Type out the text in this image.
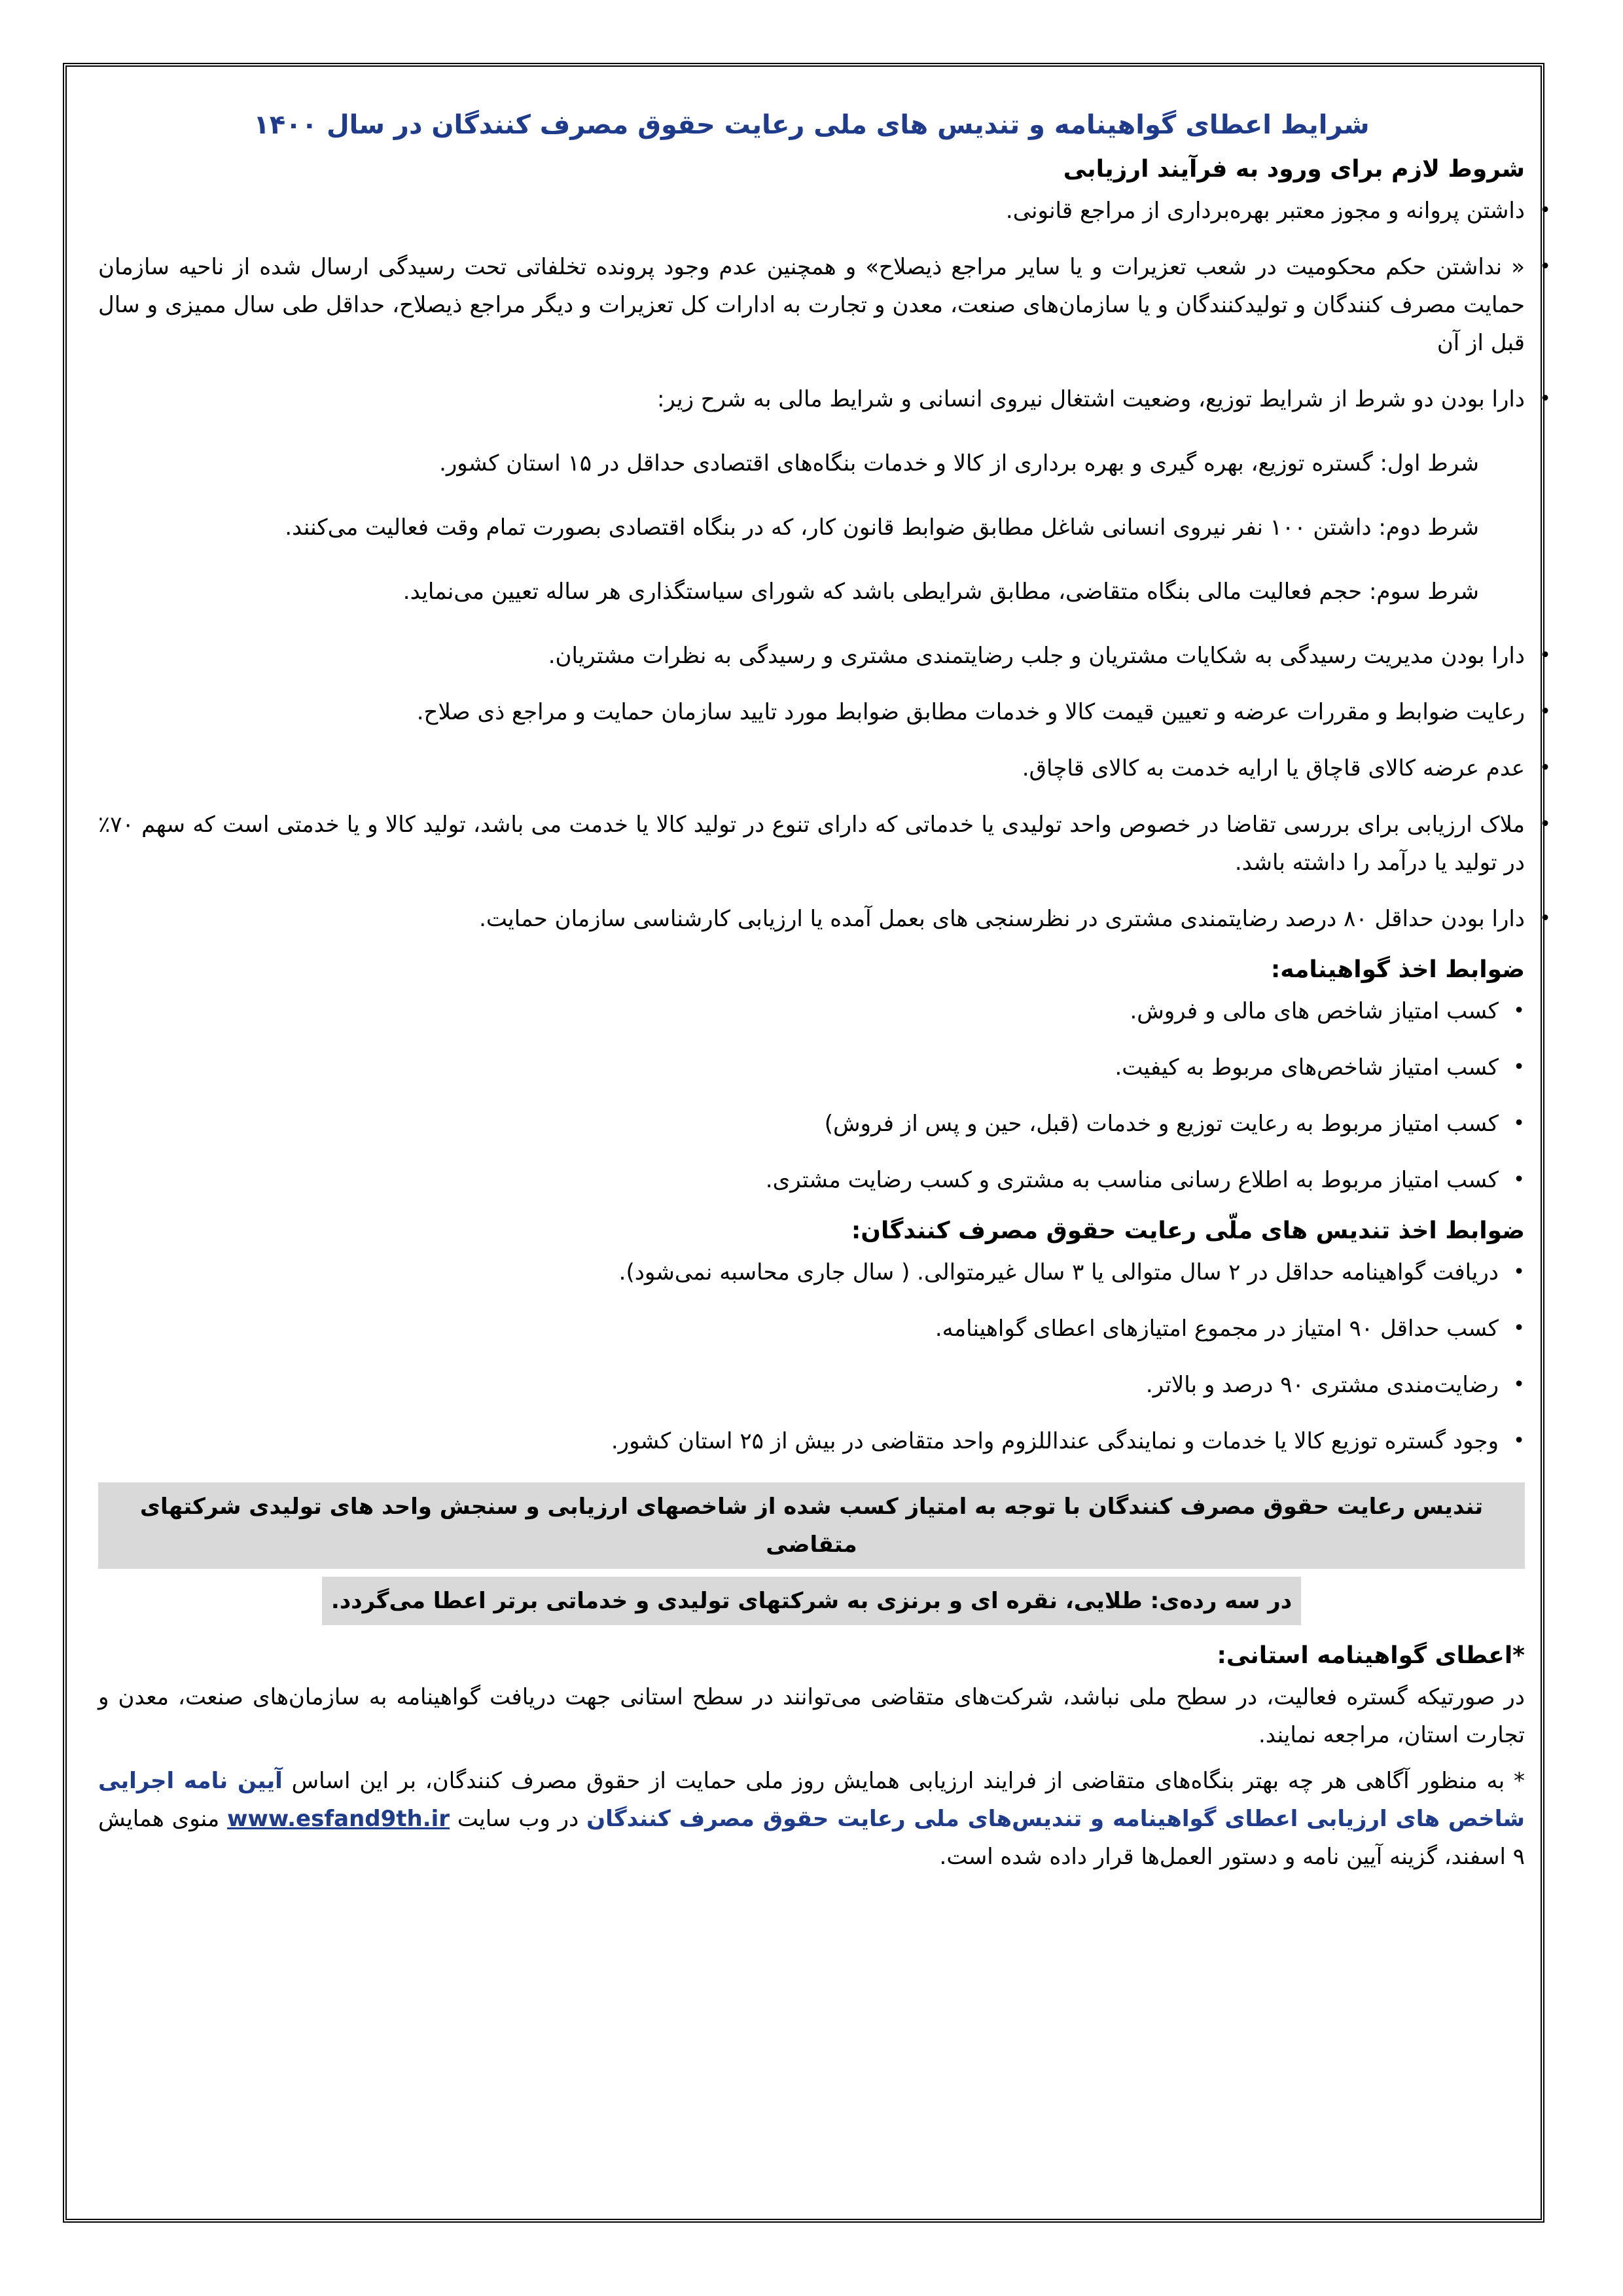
شرایط اعطای گواهینامه و تندیس های ملی رعایت حقوق مصرف کنندگان در سال ۱۴۰۰
شروط لازم برای ورود به فرآیند ارزیابی
•
داشتن پروانه و مجوز معتبر بهره‌برداری از مراجع قانونی.
•
« نداشتن حکم محکومیت در شعب تعزیرات و یا سایر مراجع ذیصلاح» و همچنین عدم وجود پرونده تخلفاتی تحت رسیدگی ارسال شده از ناحیه سازمان حمایت مصرف کنندگان و تولیدکنندگان و یا سازمان‌های صنعت، معدن و تجارت به ادارات کل تعزیرات و دیگر مراجع ذیصلاح، حداقل طی سال ممیزی و سال قبل از آن
•
دارا بودن دو شرط از شرایط توزیع، وضعیت اشتغال نیروی انسانی و شرایط مالی به شرح زیر:
شرط اول: گستره توزیع، بهره گیری و بهره برداری از کالا و خدمات بنگاه‌های اقتصادی حداقل در ۱۵ استان کشور.
شرط دوم: داشتن ۱۰۰ نفر نیروی انسانی شاغل مطابق ضوابط قانون کار، که در بنگاه اقتصادی بصورت تمام وقت فعالیت می‌کنند.
شرط سوم: حجم فعالیت مالی بنگاه متقاضی، مطابق شرایطی باشد که شورای سیاستگذاری هر ساله تعیین می‌نماید.
•
دارا بودن مدیریت رسیدگی به شکایات مشتریان و جلب رضایتمندی مشتری و رسیدگی به نظرات مشتریان.
•
رعایت ضوابط و مقررات عرضه و تعیین قیمت کالا و خدمات مطابق ضوابط مورد تایید سازمان حمایت و مراجع ذی صلاح.
•
عدم عرضه کالای قاچاق یا ارایه خدمت به کالای قاچاق.
•
ملاک ارزیابی برای بررسی تقاضا در خصوص واحد تولیدی یا خدماتی که دارای تنوع در تولید کالا یا خدمت می باشد، تولید کالا و یا خدمتی است که سهم ۷۰٪ در تولید یا درآمد را داشته باشد.
•
دارا بودن حداقل ۸۰ درصد رضایتمندی مشتری در نظرسنجی های بعمل آمده یا ارزیابی کارشناسی سازمان حمایت.
ضوابط اخذ گواهینامه:
•
کسب امتیاز شاخص های مالی و فروش.
•
کسب امتیاز شاخص‌های مربوط به کیفیت.
•
کسب امتیاز مربوط به رعایت توزیع و خدمات (قبل، حین و پس از فروش)
•
کسب امتیاز مربوط به اطلاع رسانی مناسب به مشتری و کسب رضایت مشتری.
ضوابط اخذ تندیس های ملّی رعایت حقوق مصرف کنندگان:
•
دریافت گواهینامه حداقل در ۲ سال متوالی یا ۳ سال غیرمتوالی. ( سال جاری محاسبه نمی‌شود).
•
کسب حداقل ۹۰ امتیاز در مجموع امتیازهای اعطای گواهینامه.
•
رضایت‌مندی مشتری ۹۰ درصد و بالاتر.
•
وجود گستره توزیع کالا یا خدمات و نمایندگی عنداللزوم واحد متقاضی در بیش از ۲۵ استان کشور.
تندیس رعایت حقوق مصرف کنندگان با توجه به امتیاز کسب شده از شاخصهای ارزیابی و سنجش واحد های تولیدی شرکتهای متقاضی
در سه رده‌ی: طلایی، نقره ای و برنزی به شرکتهای تولیدی و خدماتی برتر اعطا می‌گردد.
*اعطای گواهینامه استانی:

در صورتیکه گستره فعالیت، در سطح ملی نباشد، شرکت‌های متقاضی می‌توانند در سطح استانی جهت دریافت گواهینامه به سازمان‌های صنعت، معدن و تجارت استان، مراجعه نمایند.

* به منظور آگاهی هر چه بهتر بنگاه‌های متقاضی از فرایند ارزیابی همایش روز ملی حمایت از حقوق مصرف کنندگان، بر این اساس آیین نامه اجرایی شاخص های ارزیابی اعطای گواهینامه و تندیس‌های ملی رعایت حقوق مصرف کنندگان در وب سایت www.esfand9th.ir منوی همایش ۹ اسفند، گزینه آیین نامه و دستور العمل‌ها قرار داده شده است.
